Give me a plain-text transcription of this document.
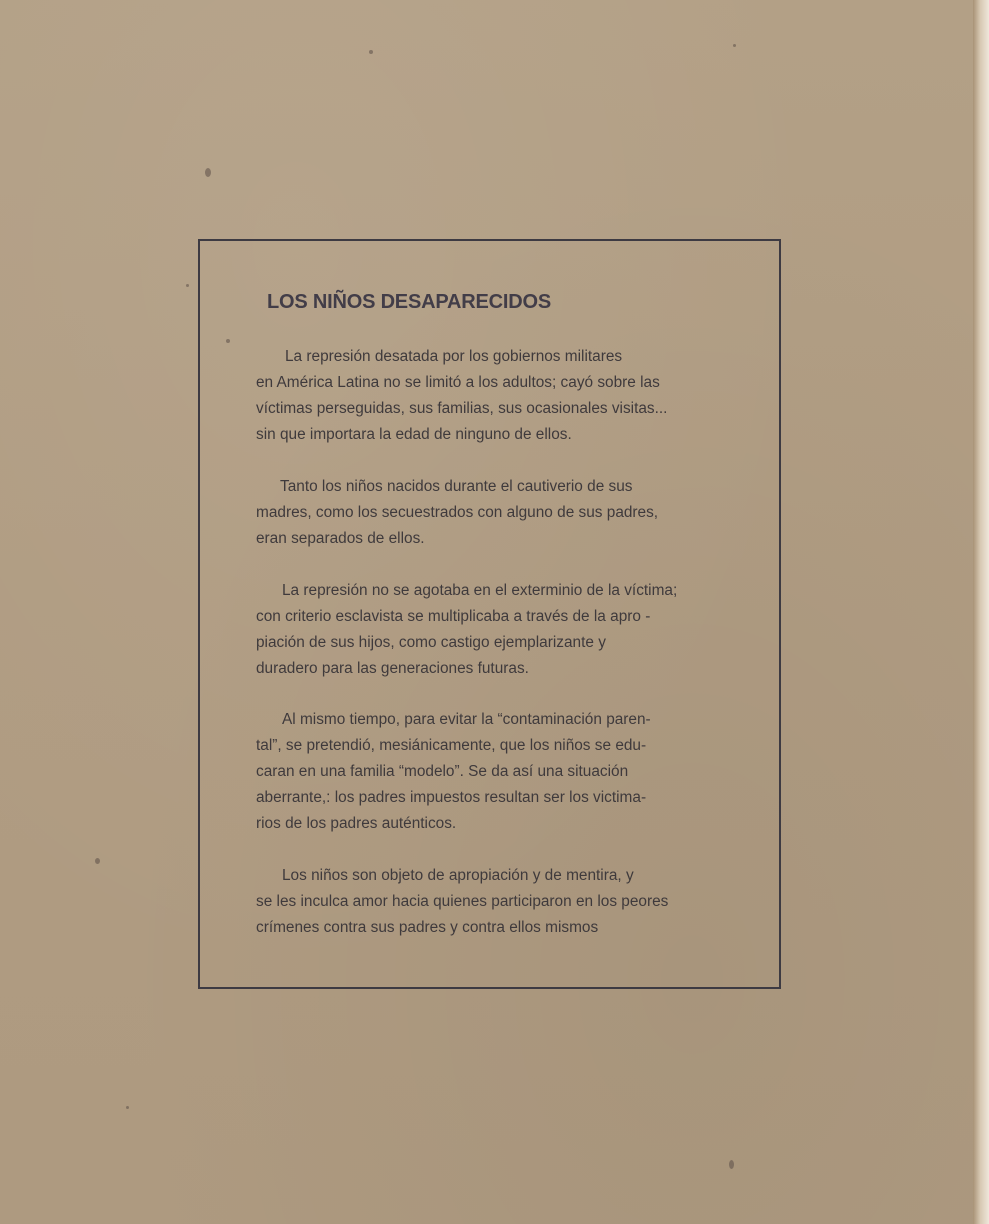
LOS NIÑOS DESAPARECIDOS

La represión desatada por los gobiernos militares
en América Latina no se limitó a los adultos; cayó sobre las
víctimas perseguidas, sus familias, sus ocasionales visitas...
sin que importara la edad de ninguno de ellos.

Tanto los niños nacidos durante el cautiverio de sus
madres, como los secuestrados con alguno de sus padres,
eran separados de ellos.

La represión no se agotaba en el exterminio de la víctima;
con criterio esclavista se multiplicaba a través de la apro -
piación de sus hijos, como castigo ejemplarizante y
duradero para las generaciones futuras.

Al mismo tiempo, para evitar la “contaminación paren-
tal”, se pretendió, mesiánicamente, que los niños se edu-
caran en una familia “modelo”. Se da así una situación
aberrante,: los padres impuestos resultan ser los victima-
rios de los padres auténticos.

Los niños son objeto de apropiación y de mentira, y
se les inculca amor hacia quienes participaron en los peores
crímenes contra sus padres y contra ellos mismos
